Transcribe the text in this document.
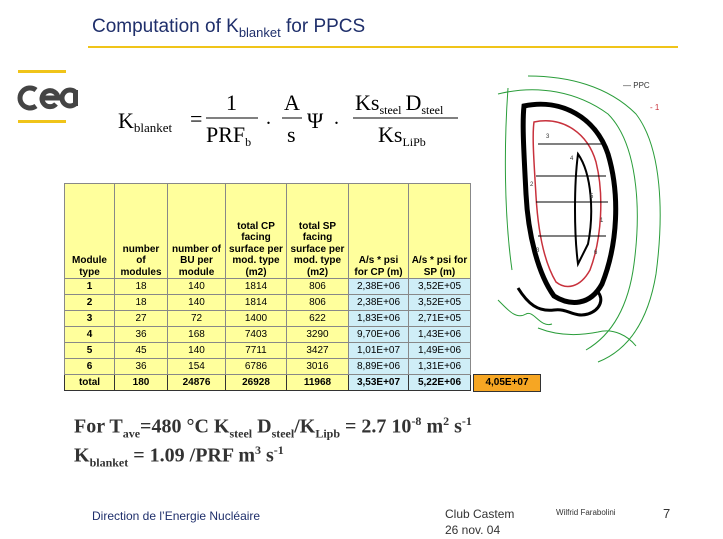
Computation of $K_{blanket}$ for PPCS
Kblanket =
1
PRFb
.
A
s
Ψ .
Kssteel Dsteel
KsLiPb
— PPC
- 1
3
4
2
5
1
6
3
Module type	number of modules	number of BU per module	total CP facing surface per mod. type (m2)	total SP facing surface per mod. type (m2)	A/s * psi for CP (m)	A/s * psi for SP (m)
1	18	140	1814	806	2,38E+06	3,52E+05
2	18	140	1814	806	2,38E+06	3,52E+05
3	27	72	1400	622	1,83E+06	2,71E+05
4	36	168	7403	3290	9,70E+06	1,43E+06
5	45	140	7711	3427	1,01E+07	1,49E+06
6	36	154	6786	3016	8,89E+06	1,31E+06
total	180	24876	26928	11968	3,53E+07	5,22E+06	4,05E+07
For $T_{ave}=480$ °C $K_{steel}$ $D_{steel}/K_{Lipb} = 2.7$ $10^{-8}$ $m^2$ $s^{-1}$
$K_{blanket} = 1.09$ /PRF $m^3$ $s^{-1}$
Direction de l’Energie Nucléaire	Club Castem
26 nov. 04
Wilfrid Farabolini	7
